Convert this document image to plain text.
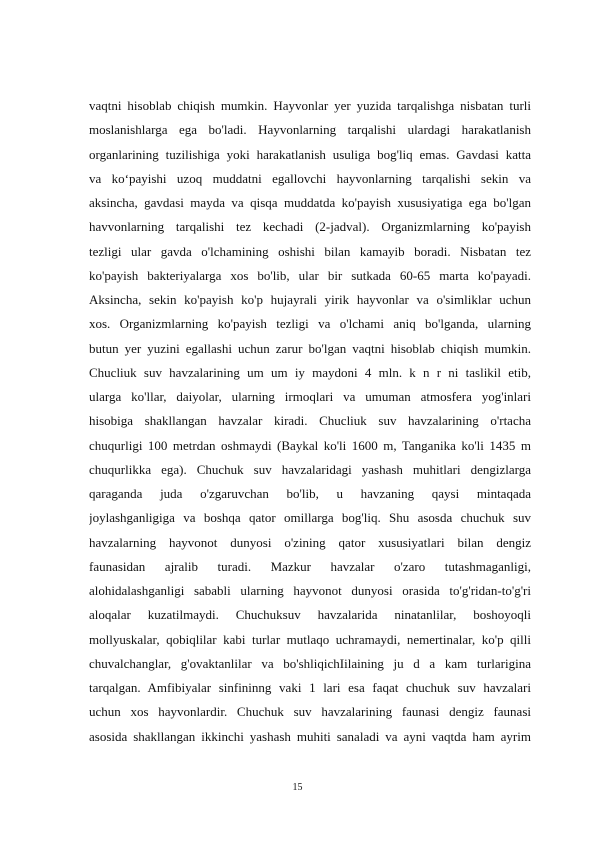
vaqtni hisoblab chiqish mumkin. Hayvonlar yer yuzida tarqalishga nisbatan turli
moslanishlarga ega bo'ladi. Hayvonlarning tarqalishi ulardagi harakatlanish
organlarining tuzilishiga yoki harakatlanish usuliga bog'liq emas. Gavdasi katta
va ko‘payishi uzoq muddatni egallovchi hayvonlarning tarqalishi sekin va
aksincha, gavdasi mayda va qisqa muddatda ko'payish xususiyatiga ega bo'lgan
havvonlarning tarqalishi tez kechadi (2-jadval). Organizmlarning ko'payish
tezligi ular gavda o'lchamining oshishi bilan kamayib boradi. Nisbatan tez
ko'payish bakteriyalarga xos bo'lib, ular bir sutkada 60-65 marta ko'payadi.
Aksincha, sekin ko'payish ko'p hujayrali yirik hayvonlar va o'simliklar uchun
xos. Organizmlarning ko'payish tezligi va o'lchami aniq bo'lganda, ularning
butun yer yuzini egallashi uchun zarur bo'lgan vaqtni hisoblab chiqish mumkin.
Chucliuk suv havzalarining um um iy maydoni 4 mln. k n r ni taslikil etib,
ularga ko'llar, daiyolar, ularning irmoqlari va umuman atmosfera yog'inlari
hisobiga shakllangan havzalar kiradi. Chucliuk suv havzalarining o'rtacha
chuqurligi 100 metrdan oshmaydi (Baykal ko'li 1600 m, Tanganika ko'li 1435 m
chuqurlikka ega). Chuchuk suv havzalaridagi yashash muhitlari dengizlarga
qaraganda juda o'zgaruvchan bo'lib, u havzaning qaysi mintaqada
joylashganligiga va boshqa qator omillarga bog'liq. Shu asosda chuchuk suv
havzalarning hayvonot dunyosi o'zining qator xususiyatlari bilan dengiz
faunasidan ajralib turadi. Mazkur havzalar o'zaro tutashmaganligi,
alohidalashganligi sababli ularning hayvonot dunyosi orasida to'g'ridan-to'g'ri
aloqalar kuzatilmaydi. Chuchuksuv havzalarida ninatanlilar, boshoyoqli
mollyuskalar, qobiqlilar kabi turlar mutlaqo uchramaydi, nemertinalar, ko'p qilli
chuvalchanglar, g'ovaktanlilar va bo'shliqichIilaining ju d a kam turlarigina
tarqalgan. Amfibiyalar sinfininng vaki 1 lari esa faqat chuchuk suv havzalari
uchun xos hayvonlardir. Chuchuk suv havzalarining faunasi dengiz faunasi
asosida shakllangan ikkinchi yashash muhiti sanaladi va ayni vaqtda ham ayrim
15
